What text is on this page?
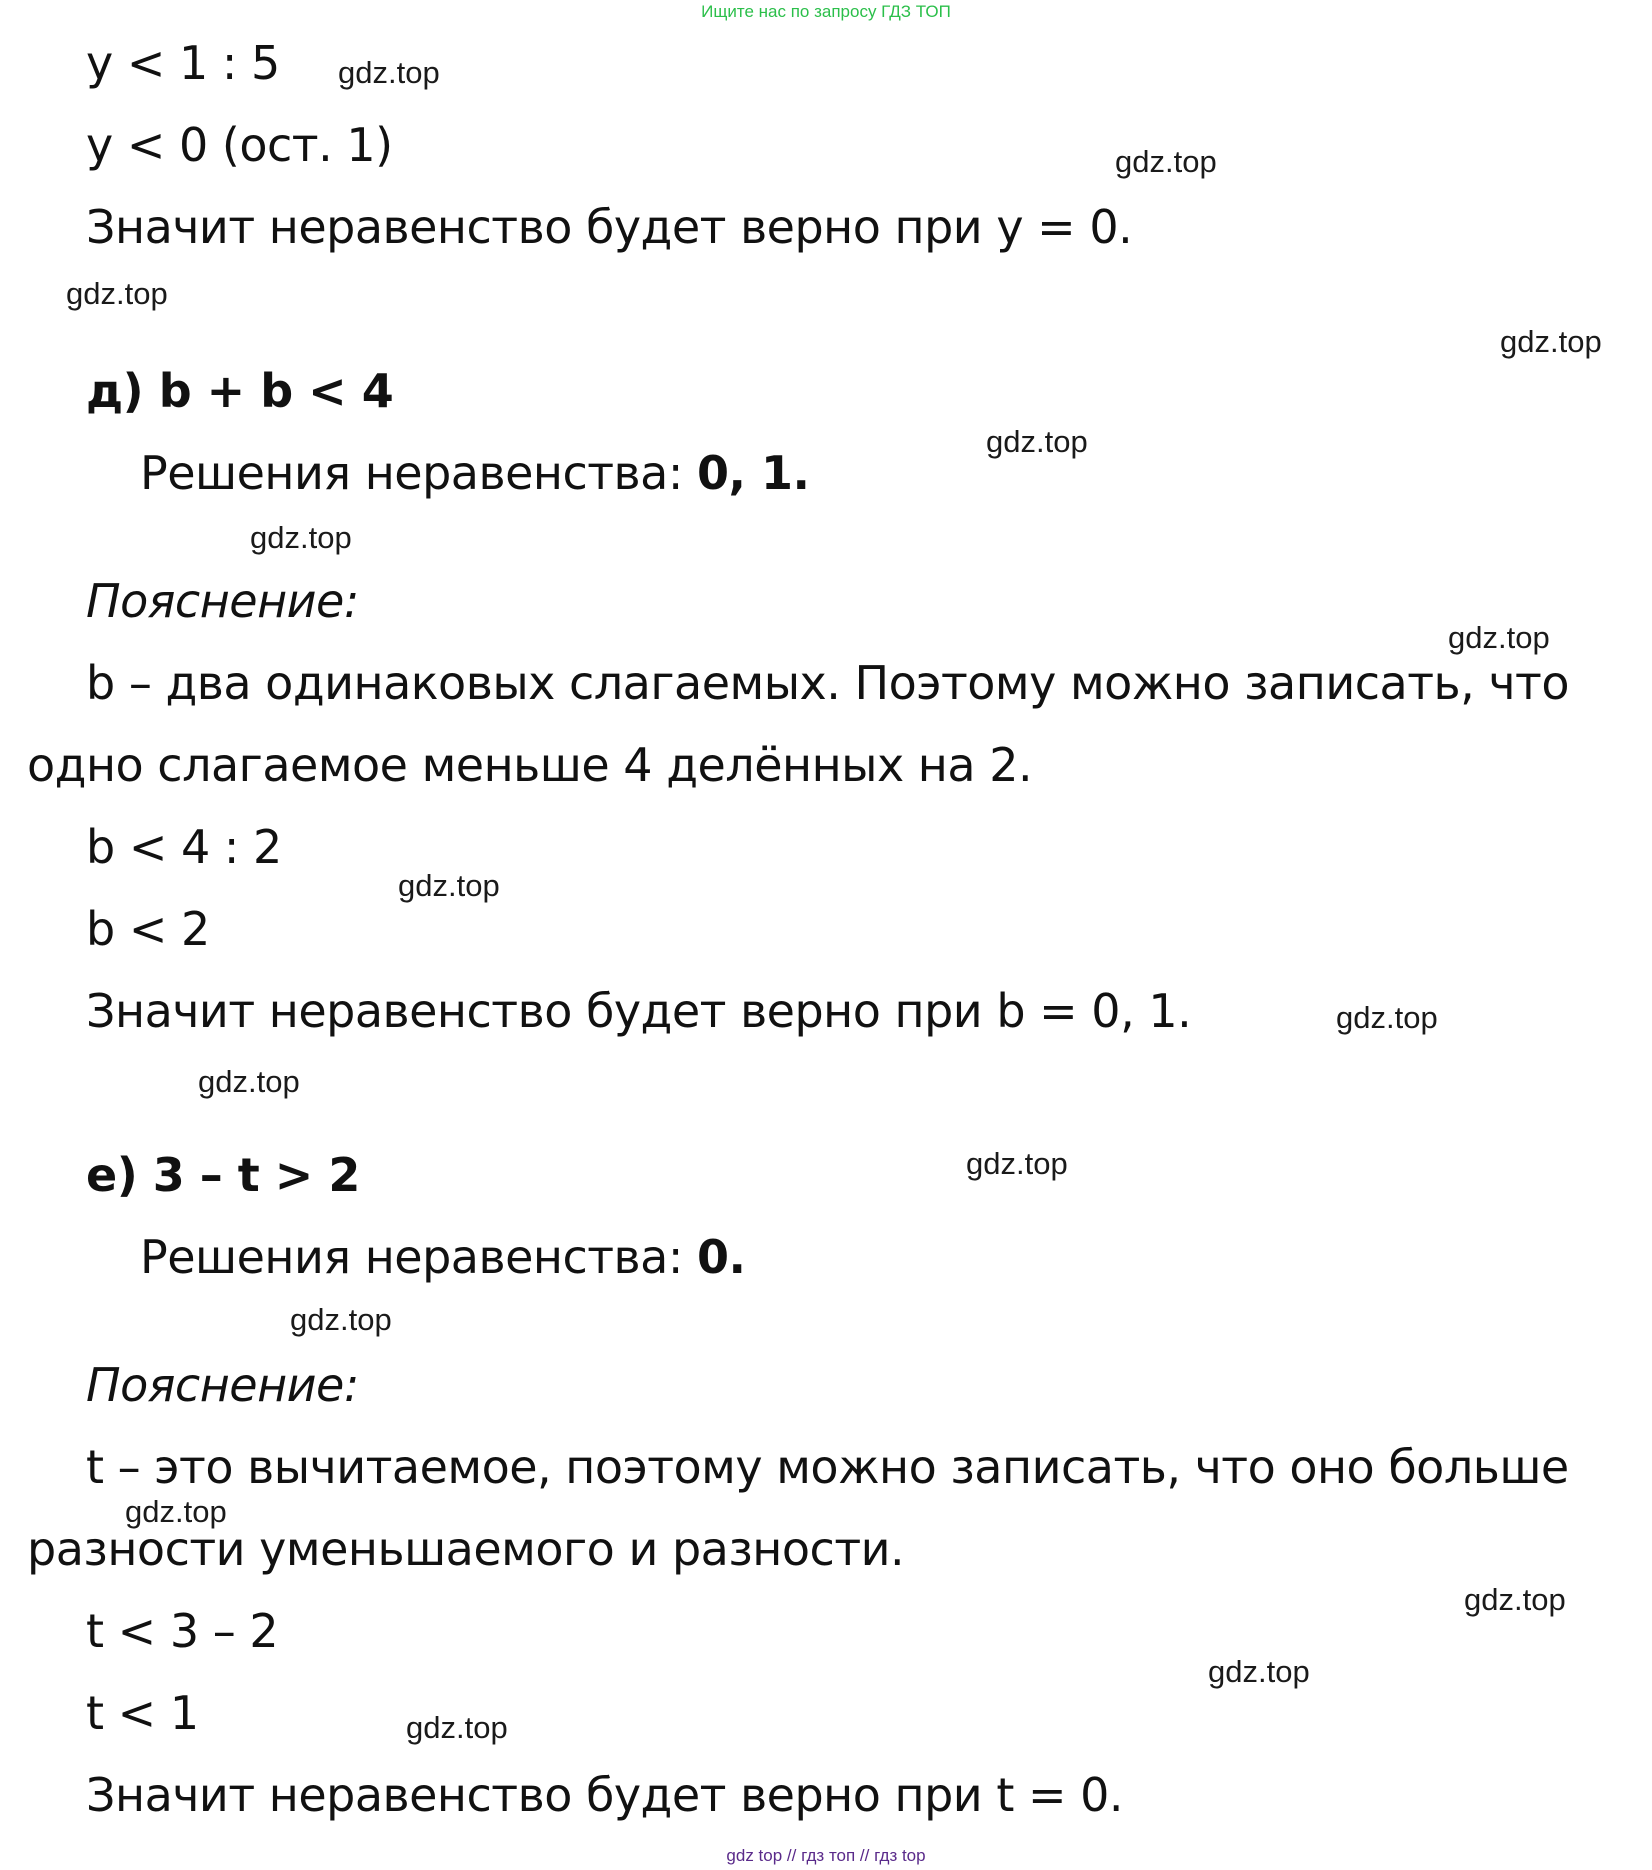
Ищите нас по запросу ГДЗ ТОП
y < 1 : 5
y < 0 (ост. 1)
Значит неравенство будет верно при y = 0.
д) b + b < 4
Решения неравенства: 0, 1.
Пояснение:
b – два одинаковых слагаемых. Поэтому можно записать, что
одно слагаемое меньше 4 делённых на 2.
b < 4 : 2
b < 2
Значит неравенство будет верно при b = 0, 1.
е) 3 – t > 2
Решения неравенства: 0.
Пояснение:
t – это вычитаемое, поэтому можно записать, что оно больше
разности уменьшаемого и разности.
t < 3 – 2
t < 1
Значит неравенство будет верно при t = 0.
gdz.top
gdz.top
gdz.top
gdz.top
gdz.top
gdz.top
gdz.top
gdz.top
gdz.top
gdz.top
gdz.top
gdz.top
gdz.top
gdz.top
gdz.top
gdz.top
gdz top // гдз топ // гдз top
